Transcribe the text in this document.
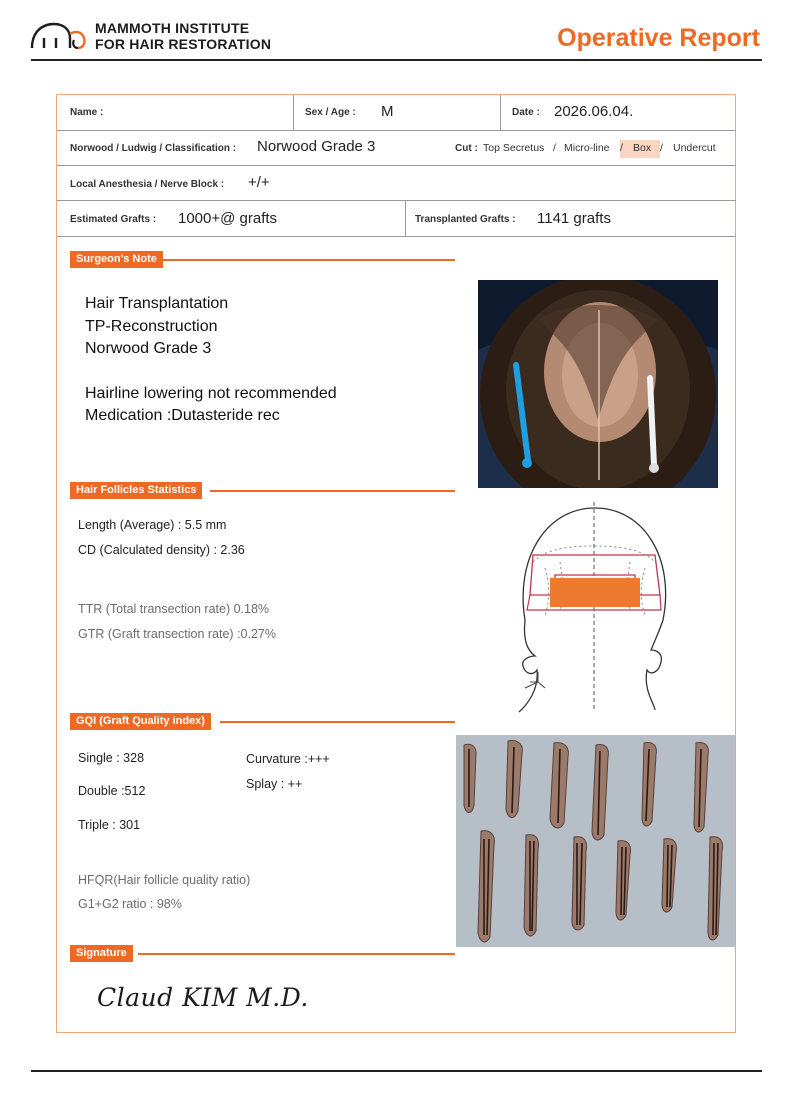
MAMMOTH INSTITUTE
FOR HAIR RESTORATION	Operative Report
Name :	Sex / Age : M	Date : 2026.06.04.
Norwood / Ludwig / Classification : Norwood Grade 3	Cut : Top Secretus / Micro-line / Box / Undercut
Local Anesthesia / Nerve Block : +/+
Estimated Grafts : 1000+@ grafts	Transplanted Grafts : 1141 grafts
Surgeon's Note
Hair Transplantation
TP-Reconstruction
Norwood Grade 3
Hairline lowering not recommended
Medication :Dutasteride rec
Hair Follicles Statistics
Length (Average) : 5.5 mm
CD (Calculated density) : 2.36
TTR (Total transection rate) 0.18%
GTR (Graft transection rate) :0.27%
GQI (Graft Quality index)
Single : 328
Double :512
Triple : 301
Curvature :+++
Splay : ++
HFQR(Hair follicle quality ratio)
G1+G2 ratio : 98%
Signature
Claud KIM M.D.
